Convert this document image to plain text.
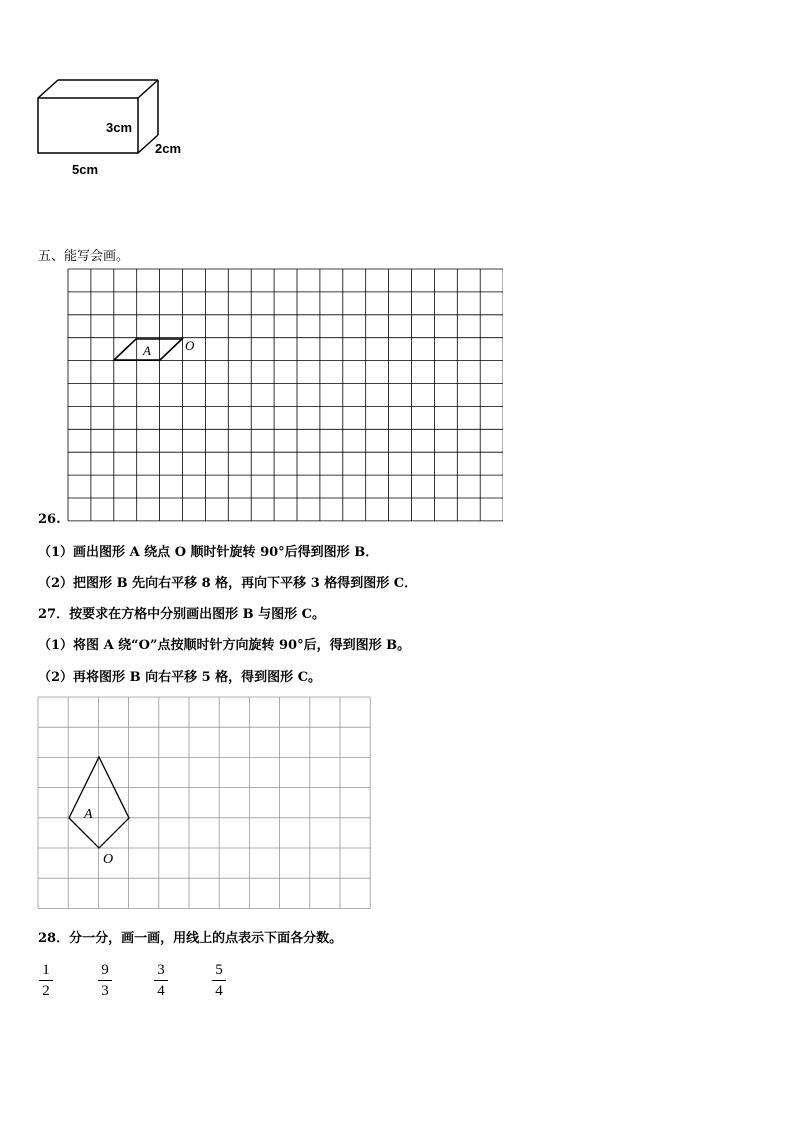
3cm
2cm
5cm
五、能写会画。
26.
A	O
（1）画出图形 A 绕点 O 顺时针旋转 90°后得到图形 B．
（2）把图形 B 先向右平移 8 格，再向下平移 3 格得到图形 C．
27．按要求在方格中分别画出图形 B 与图形 C。
（1）将图 A 绕“O”点按顺时针方向旋转 90°后，得到图形 B。
（2）再将图形 B 向右平移 5 格，得到图形 C。
A
O
28．分一分，画一画，用线上的点表示下面各分数。
1
2
9
3
3
4
5
4
